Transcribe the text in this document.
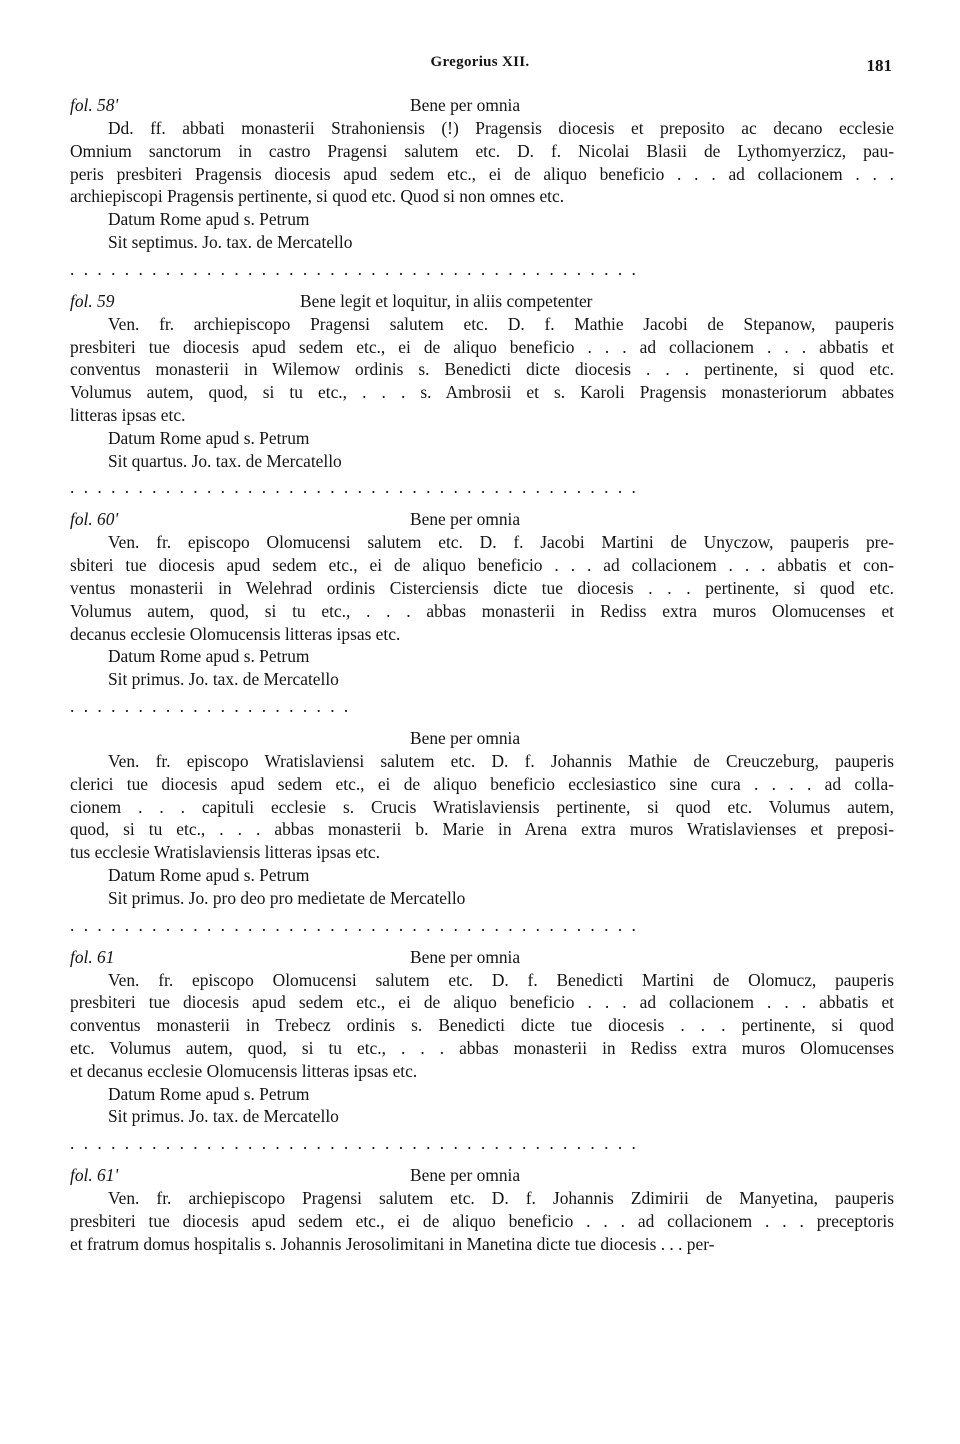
Gregorius XII.	181
fol. 58'	Bene per omnia
Dd. ff. abbati monasterii Strahoniensis (!) Pragensis diocesis et preposito ac decano ecclesie
Omnium sanctorum in castro Pragensi salutem etc. D. f. Nicolai Blasii de Lythomyerzicz, pau-
peris presbiteri Pragensis diocesis apud sedem etc., ei de aliquo beneficio . . . ad collacionem . . .
archiepiscopi Pragensis pertinente, si quod etc. Quod si non omnes etc.
Datum Rome apud s. Petrum
Sit septimus. Jo. tax. de Mercatello
. . . . . . . . . . . . . . . . . . . . . . . . . . . . . . . . . . . . . . . . . .
fol. 59	Bene legit et loquitur, in aliis competenter
Ven. fr. archiepiscopo Pragensi salutem etc. D. f. Mathie Jacobi de Stepanow, pauperis
presbiteri tue diocesis apud sedem etc., ei de aliquo beneficio . . . ad collacionem . . . abbatis et
conventus monasterii in Wilemow ordinis s. Benedicti dicte diocesis . . . pertinente, si quod etc.
Volumus autem, quod, si tu etc., . . . s. Ambrosii et s. Karoli Pragensis monasteriorum abbates
litteras ipsas etc.
Datum Rome apud s. Petrum
Sit quartus. Jo. tax. de Mercatello
. . . . . . . . . . . . . . . . . . . . . . . . . . . . . . . . . . . . . . . . . .
fol. 60'	Bene per omnia
Ven. fr. episcopo Olomucensi salutem etc. D. f. Jacobi Martini de Unyczow, pauperis pre-
sbiteri tue diocesis apud sedem etc., ei de aliquo beneficio . . . ad collacionem . . . abbatis et con-
ventus monasterii in Welehrad ordinis Cisterciensis dicte tue diocesis . . . pertinente, si quod etc.
Volumus autem, quod, si tu etc., . . . abbas monasterii in Rediss extra muros Olomucenses et
decanus ecclesie Olomucensis litteras ipsas etc.
Datum Rome apud s. Petrum
Sit primus. Jo. tax. de Mercatello
. . . . . . . . . . . . . . . . . . . . .
Bene per omnia
Ven. fr. episcopo Wratislaviensi salutem etc. D. f. Johannis Mathie de Creuczeburg, pauperis
clerici tue diocesis apud sedem etc., ei de aliquo beneficio ecclesiastico sine cura . . . . ad colla-
cionem . . . capituli ecclesie s. Crucis Wratislaviensis pertinente, si quod etc. Volumus autem,
quod, si tu etc., . . . abbas monasterii b. Marie in Arena extra muros Wratislavienses et preposi-
tus ecclesie Wratislaviensis litteras ipsas etc.
Datum Rome apud s. Petrum
Sit primus. Jo. pro deo pro medietate de Mercatello
. . . . . . . . . . . . . . . . . . . . . . . . . . . . . . . . . . . . . . . . . .
fol. 61	Bene per omnia
Ven. fr. episcopo Olomucensi salutem etc. D. f. Benedicti Martini de Olomucz, pauperis
presbiteri tue diocesis apud sedem etc., ei de aliquo beneficio . . . ad collacionem . . . abbatis et
conventus monasterii in Trebecz ordinis s. Benedicti dicte tue diocesis . . . pertinente, si quod
etc. Volumus autem, quod, si tu etc., . . . abbas monasterii in Rediss extra muros Olomucenses
et decanus ecclesie Olomucensis litteras ipsas etc.
Datum Rome apud s. Petrum
Sit primus. Jo. tax. de Mercatello
. . . . . . . . . . . . . . . . . . . . . . . . . . . . . . . . . . . . . . . . . .
fol. 61'	Bene per omnia
Ven. fr. archiepiscopo Pragensi salutem etc. D. f. Johannis Zdimirii de Manyetina, pauperis
presbiteri tue diocesis apud sedem etc., ei de aliquo beneficio . . . ad collacionem . . . preceptoris
et fratrum domus hospitalis s. Johannis Jerosolimitani in Manetina dicte tue diocesis . . . per-
